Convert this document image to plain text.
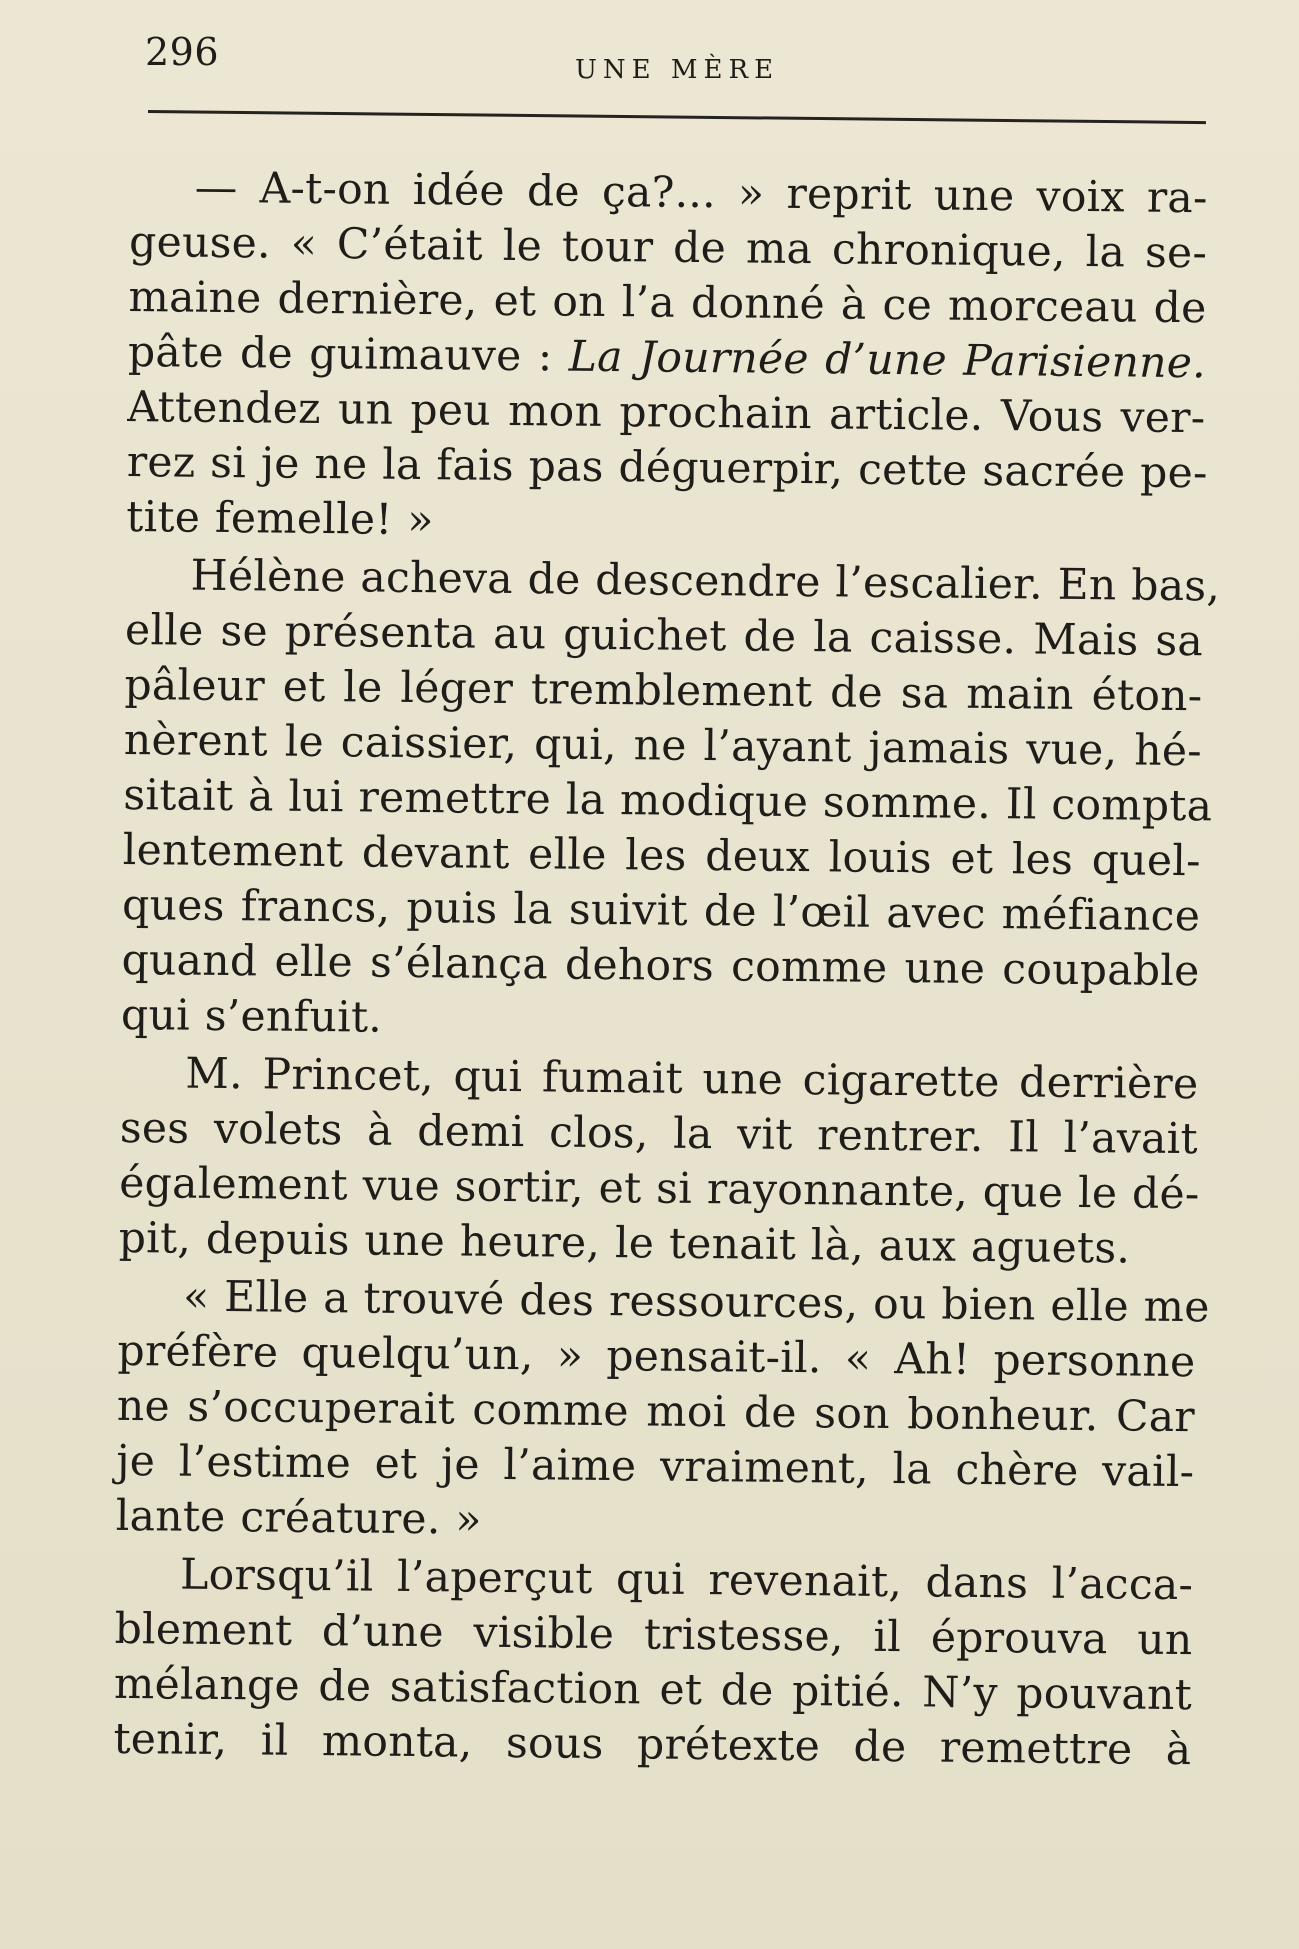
296	UNE MÈRE
— A-t-on idée de ça?... » reprit une voix ra-
geuse. « C’était le tour de ma chronique, la se-
maine dernière, et on l’a donné à ce morceau de
pâte de guimauve : La Journée d’une Parisienne.
Attendez un peu mon prochain article. Vous ver-
rez si je ne la fais pas déguerpir, cette sacrée pe-
tite femelle! »
Hélène acheva de descendre l’escalier. En bas,
elle se présenta au guichet de la caisse. Mais sa
pâleur et le léger tremblement de sa main éton-
nèrent le caissier, qui, ne l’ayant jamais vue, hé-
sitait à lui remettre la modique somme. Il compta
lentement devant elle les deux louis et les quel-
ques francs, puis la suivit de l’œil avec méfiance
quand elle s’élança dehors comme une coupable
qui s’enfuit.
M. Princet, qui fumait une cigarette derrière
ses volets à demi clos, la vit rentrer. Il l’avait
également vue sortir, et si rayonnante, que le dé-
pit, depuis une heure, le tenait là, aux aguets.
« Elle a trouvé des ressources, ou bien elle me
préfère quelqu’un, » pensait-il. « Ah! personne
ne s’occuperait comme moi de son bonheur. Car
je l’estime et je l’aime vraiment, la chère vail-
lante créature. »
Lorsqu’il l’aperçut qui revenait, dans l’acca-
blement d’une visible tristesse, il éprouva un
mélange de satisfaction et de pitié. N’y pouvant
tenir, il monta, sous prétexte de remettre à
